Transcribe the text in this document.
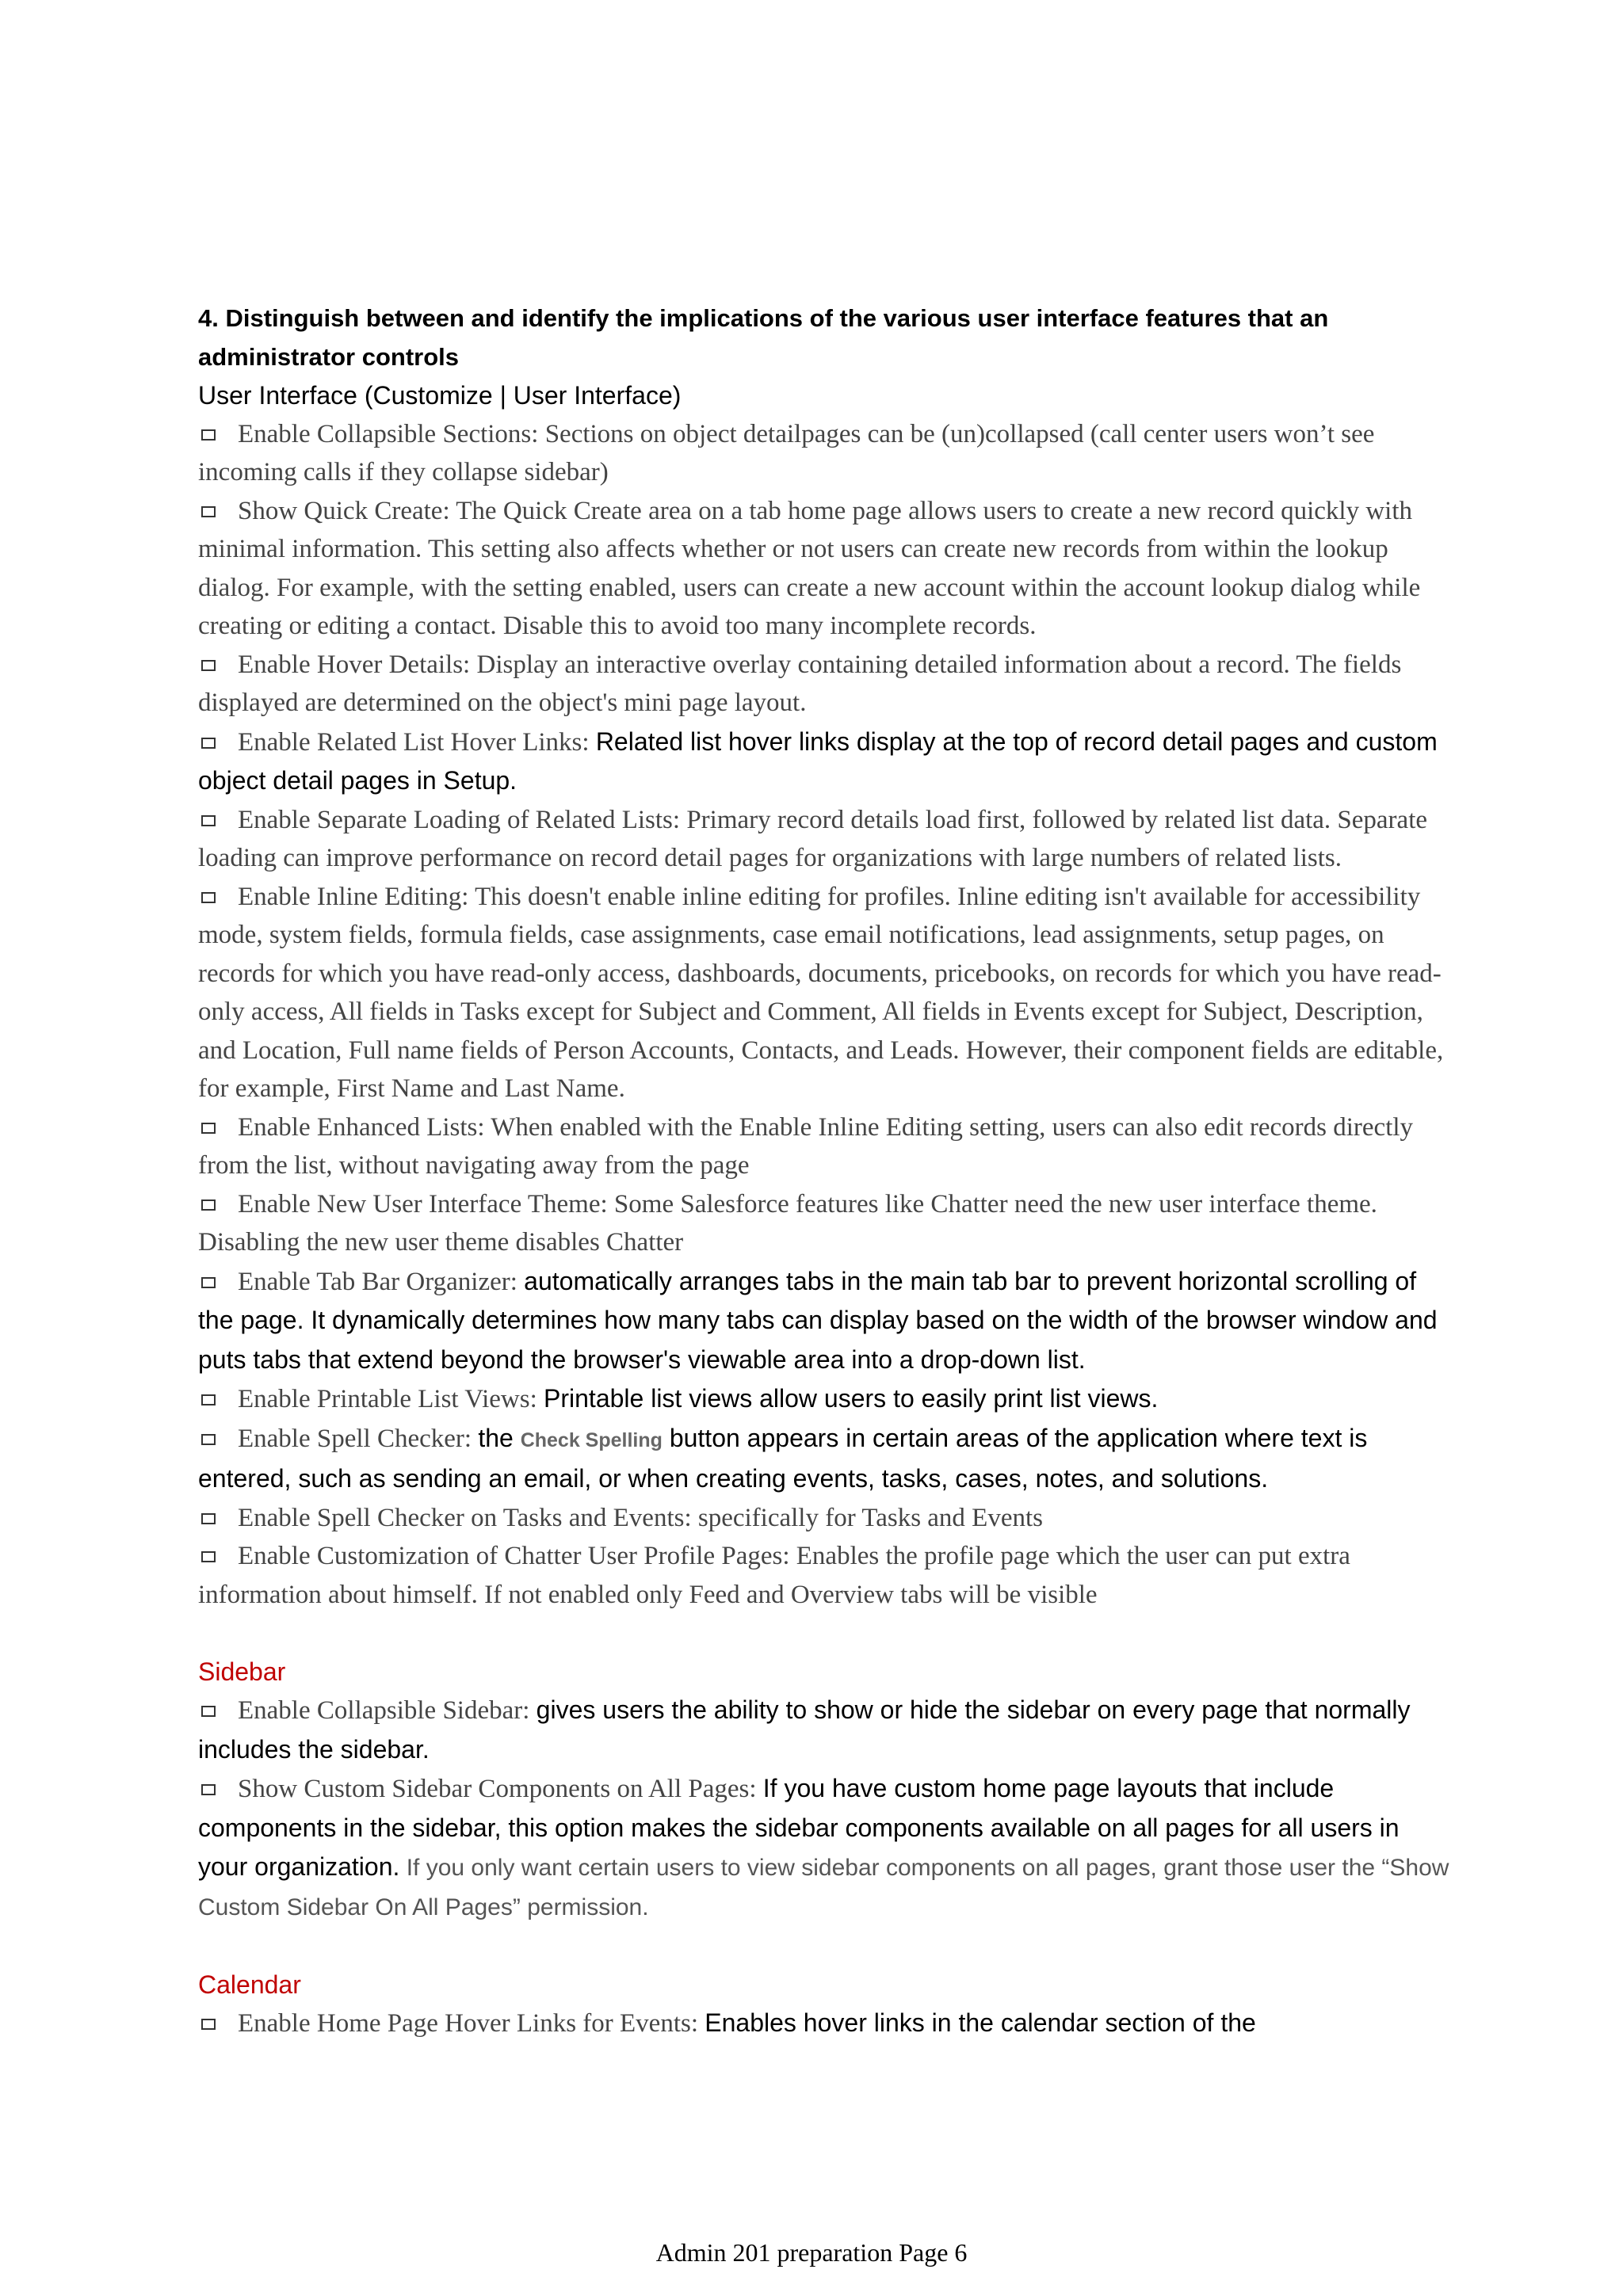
4. Distinguish between and identify the implications of the various user interface features that an administrator controls

User Interface (Customize | User Interface)

Enable Collapsible Sections: Sections on object detailpages can be (un)collapsed (call center users won’t see incoming calls if they collapse sidebar)

Show Quick Create: The Quick Create area on a tab home page allows users to create a new record quickly with minimal information. This setting also affects whether or not users can create new records from within the lookup dialog. For example, with the setting enabled, users can create a new account within the account lookup dialog while creating or editing a contact. Disable this to avoid too many incomplete records.

Enable Hover Details: Display an interactive overlay containing detailed information about a record. The fields displayed are determined on the object's mini page layout.

Enable Related List Hover Links: Related list hover links display at the top of record detail pages and custom object detail pages in Setup.

Enable Separate Loading of Related Lists: Primary record details load first, followed by related list data. Separate loading can improve performance on record detail pages for organizations with large numbers of related lists.

Enable Inline Editing: This doesn't enable inline editing for profiles. Inline editing isn't available for accessibility mode, system fields, formula fields, case assignments, case email notifications, lead assignments, setup pages, on records for which you have read-only access, dashboards, documents, pricebooks, on records for which you have read-only access, All fields in Tasks except for Subject and Comment, All fields in Events except for Subject, Description, and Location, Full name fields of Person Accounts, Contacts, and Leads. However, their component fields are editable, for example, First Name and Last Name.

Enable Enhanced Lists: When enabled with the Enable Inline Editing setting, users can also edit records directly from the list, without navigating away from the page

Enable New User Interface Theme: Some Salesforce features like Chatter need the new user interface theme. Disabling the new user theme disables Chatter

Enable Tab Bar Organizer: automatically arranges tabs in the main tab bar to prevent horizontal scrolling of the page. It dynamically determines how many tabs can display based on the width of the browser window and puts tabs that extend beyond the browser's viewable area into a drop-down list.

Enable Printable List Views: Printable list views allow users to easily print list views.

Enable Spell Checker: the Check Spelling button appears in certain areas of the application where text is entered, such as sending an email, or when creating events, tasks, cases, notes, and solutions.

Enable Spell Checker on Tasks and Events: specifically for Tasks and Events

Enable Customization of Chatter User Profile Pages: Enables the profile page which the user can put extra information about himself. If not enabled only Feed and Overview tabs will be visible

Sidebar

Enable Collapsible Sidebar: gives users the ability to show or hide the sidebar on every page that normally includes the sidebar.

Show Custom Sidebar Components on All Pages: If you have custom home page layouts that include components in the sidebar, this option makes the sidebar components available on all pages for all users in your organization. If you only want certain users to view sidebar components on all pages, grant those user the “Show Custom Sidebar On All Pages” permission.

Calendar

Enable Home Page Hover Links for Events: Enables hover links in the calendar section of the

Admin 201 preparation Page 6
